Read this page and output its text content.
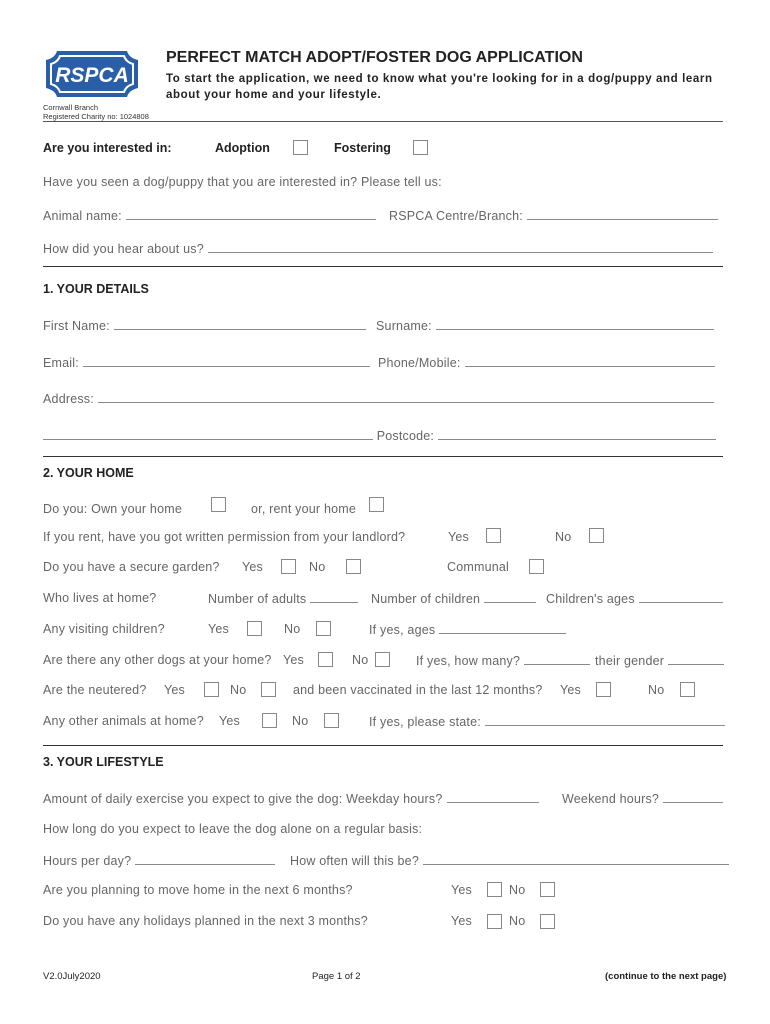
RSPCA
Cornwall Branch
Registered Charity no: 1024808
PERFECT MATCH ADOPT/FOSTER DOG APPLICATION
To start the application, we need to know what you're looking for in a dog/puppy and learn
about your home and your lifestyle.
Are you interested in:	Adoption	Fostering
Have you seen a dog/puppy that you are interested in? Please tell us:
Animal name:	RSPCA Centre/Branch:
How did you hear about us?
1. YOUR DETAILS
First Name:	Surname:
Email:	Phone/Mobile:
Address:
Postcode:
2. YOUR HOME
Do you: Own your home	or, rent your home
If you rent, have you got written permission from your landlord?	Yes	No
Do you have a secure garden? Yes	No	Communal
Who lives at home?	Number of adults	Number of children	Children's ages
Any visiting children?	Yes	No	If yes, ages
Are there any other dogs at your home? Yes	No	If yes, how many?	their gender
Are the neutered? Yes	No	and been vaccinated in the last 12 months? Yes	No
Any other animals at home? Yes	No	If yes, please state:
3. YOUR LIFESTYLE
Amount of daily exercise you expect to give the dog: Weekday hours?	Weekend hours?
How long do you expect to leave the dog alone on a regular basis:
Hours per day?	How often will this be?
Are you planning to move home in the next 6 months?	Yes	No
Do you have any holidays planned in the next 3 months?	Yes	No
V2.0July2020	Page 1 of 2	(continue to the next page)
